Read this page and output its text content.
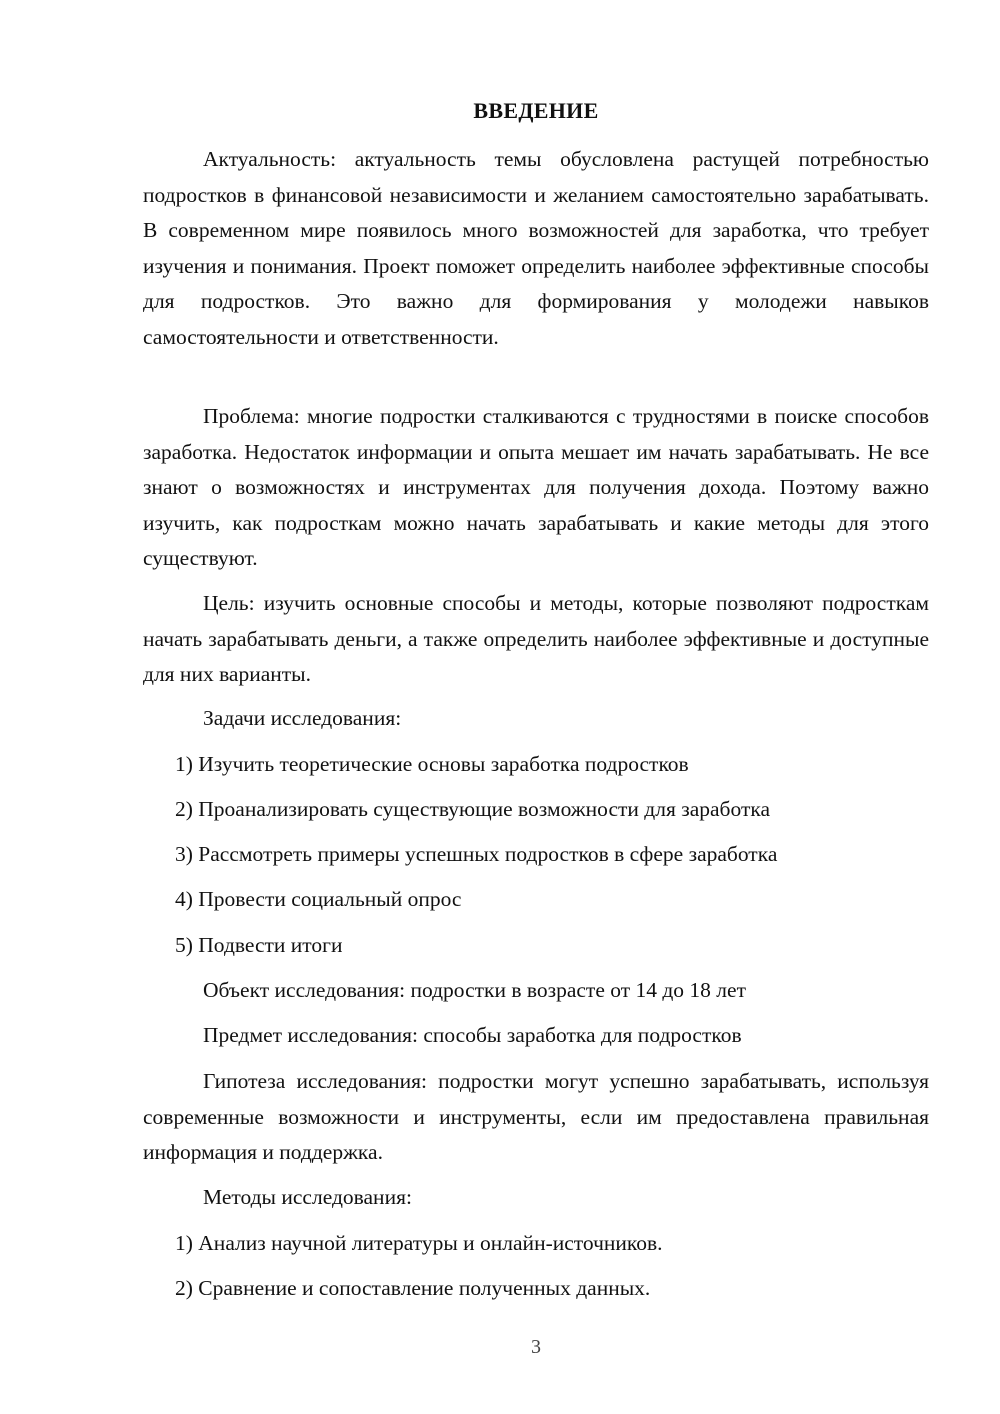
ВВЕДЕНИЕ

Актуальность: актуальность темы обусловлена растущей потребностью подростков в финансовой независимости и желанием самостоятельно зарабатывать. В современном мире появилось много возможностей для заработка, что требует изучения и понимания. Проект поможет определить наиболее эффективные способы для подростков. Это важно для формирования у молодежи навыков самостоятельности и ответственности.

Проблема: многие подростки сталкиваются с трудностями в поиске способов заработка. Недостаток информации и опыта мешает им начать зарабатывать. Не все знают о возможностях и инструментах для получения дохода. Поэтому важно изучить, как подросткам можно начать зарабатывать и какие методы для этого существуют.

Цель: изучить основные способы и методы, которые позволяют подросткам начать зарабатывать деньги, а также определить наиболее эффективные и доступные для них варианты.

Задачи исследования:

1) Изучить теоретические основы заработка подростков

2) Проанализировать существующие возможности для заработка

3) Рассмотреть примеры успешных подростков в сфере заработка

4) Провести социальный опрос

5) Подвести итоги

Объект исследования: подростки в возрасте от 14 до 18 лет

Предмет исследования: способы заработка для подростков

Гипотеза исследования: подростки могут успешно зарабатывать, используя современные возможности и инструменты, если им предоставлена правильная информация и поддержка.

Методы исследования:

1) Анализ научной литературы и онлайн-источников.

2) Сравнение и сопоставление полученных данных.

3
